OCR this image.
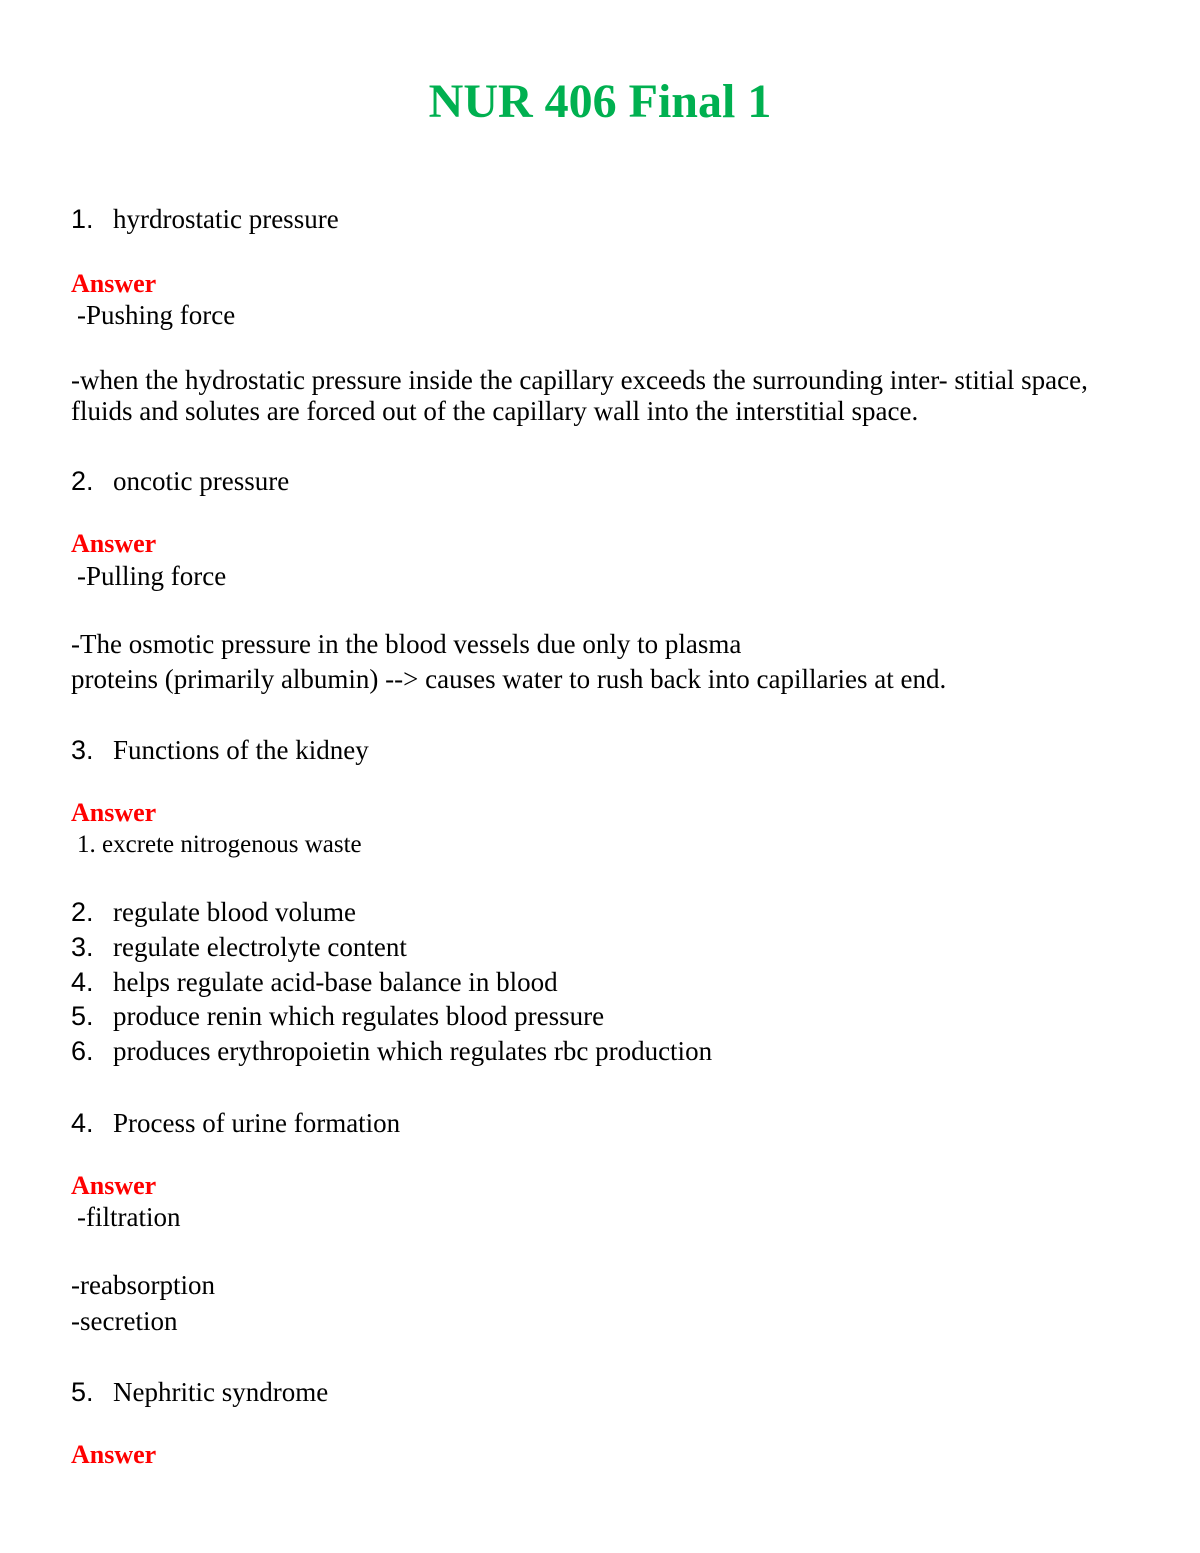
NUR 406 Final 1
1. hyrdrostatic pressure
Answer
-Pushing force
-when the hydrostatic pressure inside the capillary exceeds the surrounding inter- stitial space,
fluids and solutes are forced out of the capillary wall into the interstitial space.
2. oncotic pressure
Answer
-Pulling force
-The osmotic pressure in the blood vessels due only to plasma
proteins (primarily albumin) --> causes water to rush back into capillaries at end.
3. Functions of the kidney
Answer
1. excrete nitrogenous waste
2. regulate blood volume
3. regulate electrolyte content
4. helps regulate acid-base balance in blood
5. produce renin which regulates blood pressure
6. produces erythropoietin which regulates rbc production
4. Process of urine formation
Answer
-filtration
-reabsorption
-secretion
5. Nephritic syndrome
Answer
